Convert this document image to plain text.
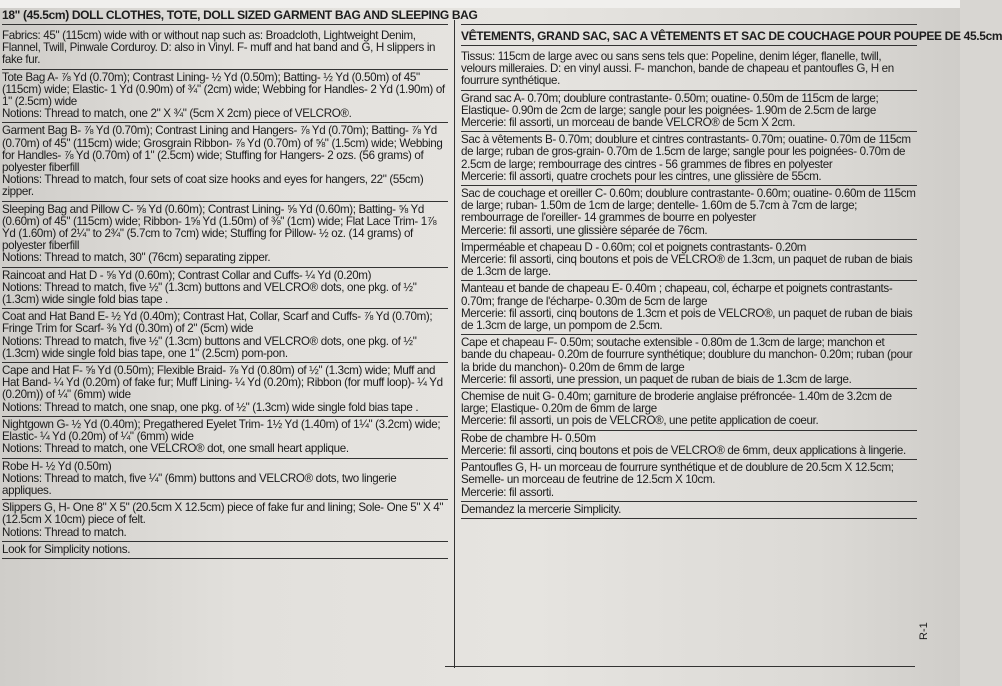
18" (45.5cm) DOLL CLOTHES, TOTE, DOLL SIZED GARMENT BAG AND SLEEPING BAG

Fabrics: 45" (115cm) wide with or without nap such as: Broadcloth, Lightweight Denim, Flannel, Twill, Pinwale Corduroy. D: also in Vinyl. F- muff and hat band and G, H slippers in fake fur.

Tote Bag A- ⅞ Yd (0.70m); Contrast Lining- ½ Yd (0.50m); Batting- ½ Yd (0.50m) of 45" (115cm) wide; Elastic- 1 Yd (0.90m) of ¾" (2cm) wide; Webbing for Handles- 2 Yd (1.90m) of 1" (2.5cm) wide

Notions: Thread to match, one 2" X ¾" (5cm X 2cm) piece of VELCRO®.

Garment Bag B- ⅞ Yd (0.70m); Contrast Lining and Hangers- ⅞ Yd (0.70m); Batting- ⅞ Yd (0.70m) of 45" (115cm) wide; Grosgrain Ribbon- ⅞ Yd (0.70m) of ⅝" (1.5cm) wide; Webbing for Handles- ⅞ Yd (0.70m) of 1" (2.5cm) wide; Stuffing for Hangers- 2 ozs. (56 grams) of polyester fiberfill

Notions: Thread to match, four sets of coat size hooks and eyes for hangers, 22" (55cm) zipper.

Sleeping Bag and Pillow C- ⅝ Yd (0.60m); Contrast Lining- ⅝ Yd (0.60m); Batting- ⅝ Yd (0.60m) of 45" (115cm) wide; Ribbon- 1⅝ Yd (1.50m) of ⅜" (1cm) wide; Flat Lace Trim- 1⅞ Yd (1.60m) of 2¼" to 2¾" (5.7cm to 7cm) wide; Stuffing for Pillow- ½ oz. (14 grams) of polyester fiberfill

Notions: Thread to match, 30" (76cm) separating zipper.

Raincoat and Hat D - ⅝ Yd (0.60m); Contrast Collar and Cuffs- ¼ Yd (0.20m)

Notions: Thread to match, five ½" (1.3cm) buttons and VELCRO® dots, one pkg. of ½" (1.3cm) wide single fold bias tape .

Coat and Hat Band E- ½ Yd (0.40m); Contrast Hat, Collar, Scarf and Cuffs- ⅞ Yd (0.70m); Fringe Trim for Scarf- ⅜ Yd (0.30m) of 2" (5cm) wide

Notions: Thread to match, five ½" (1.3cm) buttons and VELCRO® dots, one pkg. of ½" (1.3cm) wide single fold bias tape, one 1" (2.5cm) pom-pon.

Cape and Hat F- ⅝ Yd (0.50m); Flexible Braid- ⅞ Yd (0.80m) of ½" (1.3cm) wide; Muff and Hat Band- ¼ Yd (0.20m) of fake fur; Muff Lining- ¼ Yd (0.20m); Ribbon (for muff loop)- ¼ Yd (0.20m)) of ¼" (6mm) wide

Notions: Thread to match, one snap, one pkg. of ½" (1.3cm) wide single fold bias tape .

Nightgown G- ½ Yd (0.40m); Pregathered Eyelet Trim- 1½ Yd (1.40m) of 1¼" (3.2cm) wide; Elastic- ¼ Yd (0.20m) of ¼" (6mm) wide

Notions: Thread to match, one VELCRO® dot, one small heart applique.

Robe H- ½ Yd (0.50m)

Notions: Thread to match, five ¼" (6mm) buttons and VELCRO® dots, two lingerie appliques.

Slippers G, H- One 8" X 5" (20.5cm X 12.5cm) piece of fake fur and lining; Sole- One 5" X 4" (12.5cm X 10cm) piece of felt.

Notions: Thread to match.

Look for Simplicity notions.

VÊTEMENTS, GRAND SAC, SAC A VÊTEMENTS ET SAC DE COUCHAGE POUR POUPEE DE 45.5cm

Tissus: 115cm de large avec ou sans sens tels que: Popeline, denim léger, flanelle, twill, velours milleraies. D: en vinyl aussi. F- manchon, bande de chapeau et pantoufles G, H en fourrure synthétique.

Grand sac A- 0.70m; doublure contrastante- 0.50m; ouatine- 0.50m de 115cm de large; Elastique- 0.90m de 2cm de large; sangle pour les poignées- 1.90m de 2.5cm de large

Mercerie: fil assorti, un morceau de bande VELCRO® de 5cm X 2cm.

Sac à vêtements B- 0.70m; doublure et cintres contrastants- 0.70m; ouatine- 0.70m de 115cm de large; ruban de gros-grain- 0.70m de 1.5cm de large; sangle pour les poignées- 0.70m de 2.5cm de large; rembourrage des cintres - 56 grammes de fibres en polyester

Mercerie: fil assorti, quatre crochets pour les cintres, une glissière de 55cm.

Sac de couchage et oreiller C- 0.60m; doublure contrastante- 0.60m; ouatine- 0.60m de 115cm de large; ruban- 1.50m de 1cm de large; dentelle- 1.60m de 5.7cm à 7cm de large; rembourrage de l'oreiller- 14 grammes de bourre en polyester

Mercerie: fil assorti, une glissière séparée de 76cm.

Imperméable et chapeau D - 0.60m; col et poignets contrastants- 0.20m

Mercerie: fil assorti, cinq boutons et pois de VELCRO® de 1.3cm, un paquet de ruban de biais de 1.3cm de large.

Manteau et bande de chapeau E- 0.40m ; chapeau, col, écharpe et poignets contrastants- 0.70m; frange de l'écharpe- 0.30m de 5cm de large

Mercerie: fil assorti, cinq boutons de 1.3cm et pois de VELCRO®, un paquet de ruban de biais de 1.3cm de large, un pompom de 2.5cm.

Cape et chapeau F- 0.50m; soutache extensible - 0.80m de 1.3cm de large; manchon et bande du chapeau- 0.20m de fourrure synthétique; doublure du manchon- 0.20m; ruban (pour la bride du manchon)- 0.20m de 6mm de large

Mercerie: fil assorti, une pression, un paquet de ruban de biais de 1.3cm de large.

Chemise de nuit G- 0.40m; garniture de broderie anglaise préfroncée- 1.40m de 3.2cm de large; Elastique- 0.20m de 6mm de large

Mercerie: fil assorti, un pois de VELCRO®, une petite application de coeur.

Robe de chambre H- 0.50m

Mercerie: fil assorti, cinq boutons et pois de VELCRO® de 6mm, deux applications à lingerie.

Pantoufles G, H- un morceau de fourrure synthétique et de doublure de 20.5cm X 12.5cm; Semelle- un morceau de feutrine de 12.5cm X 10cm.

Mercerie: fil assorti.

Demandez la mercerie Simplicity.

R-1
